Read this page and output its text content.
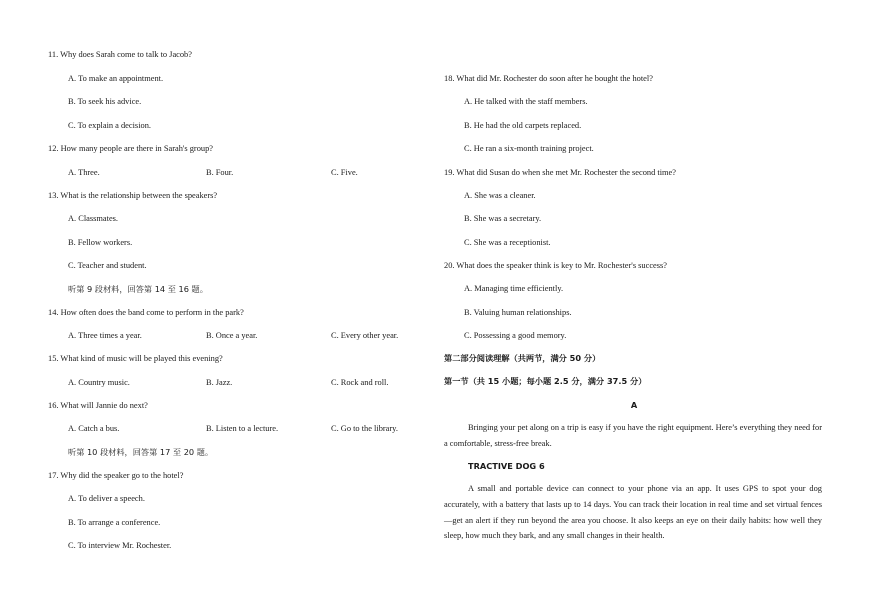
11. Why does Sarah come to talk to Jacob?
A. To make an appointment.
B. To seek his advice.
C. To explain a decision.
12. How many people are there in Sarah's group?
A. Three.	B. Four.	C. Five.
13. What is the relationship between the speakers?
A. Classmates.
B. Fellow workers.
C. Teacher and student.
听第 9 段材料，回答第 14 至 16 题。
14. How often does the band come to perform in the park?
A. Three times a year.	B. Once a year.	C. Every other year.
15. What kind of music will be played this evening?
A. Country music.	B. Jazz.	C. Rock and roll.
16. What will Jannie do next?
A. Catch a bus.	B. Listen to a lecture.	C. Go to the library.
听第 10 段材料，回答第 17 至 20 题。
17. Why did the speaker go to the hotel?
A. To deliver a speech.
B. To arrange a conference.
C. To interview Mr. Rochester.
18. What did Mr. Rochester do soon after he bought the hotel?
A. He talked with the staff members.
B. He had the old carpets replaced.
C. He ran a six-month training project.
19. What did Susan do when she met Mr. Rochester the second time?
A. She was a cleaner.
B. She was a secretary.
C. She was a receptionist.
20. What does the speaker think is key to Mr. Rochester's success?
A. Managing time efficiently.
B. Valuing human relationships.
C. Possessing a good memory.
第二部分阅读理解（共两节，满分 50 分）
第一节（共 15 小题；每小题 2.5 分，满分 37.5 分）
A
Bringing your pet along on a trip is easy if you have the right equipment. Here’s everything they need for a comfortable, stress-free break.
TRACTIVE DOG 6
A small and portable device can connect to your phone via an app. It uses GPS to spot your dog accurately, with a battery that lasts up to 14 days. You can track their location in real time and set virtual fences—get an alert if they run beyond the area you choose. It also keeps an eye on their daily habits: how well they sleep, how much they bark, and any small changes in their health.
